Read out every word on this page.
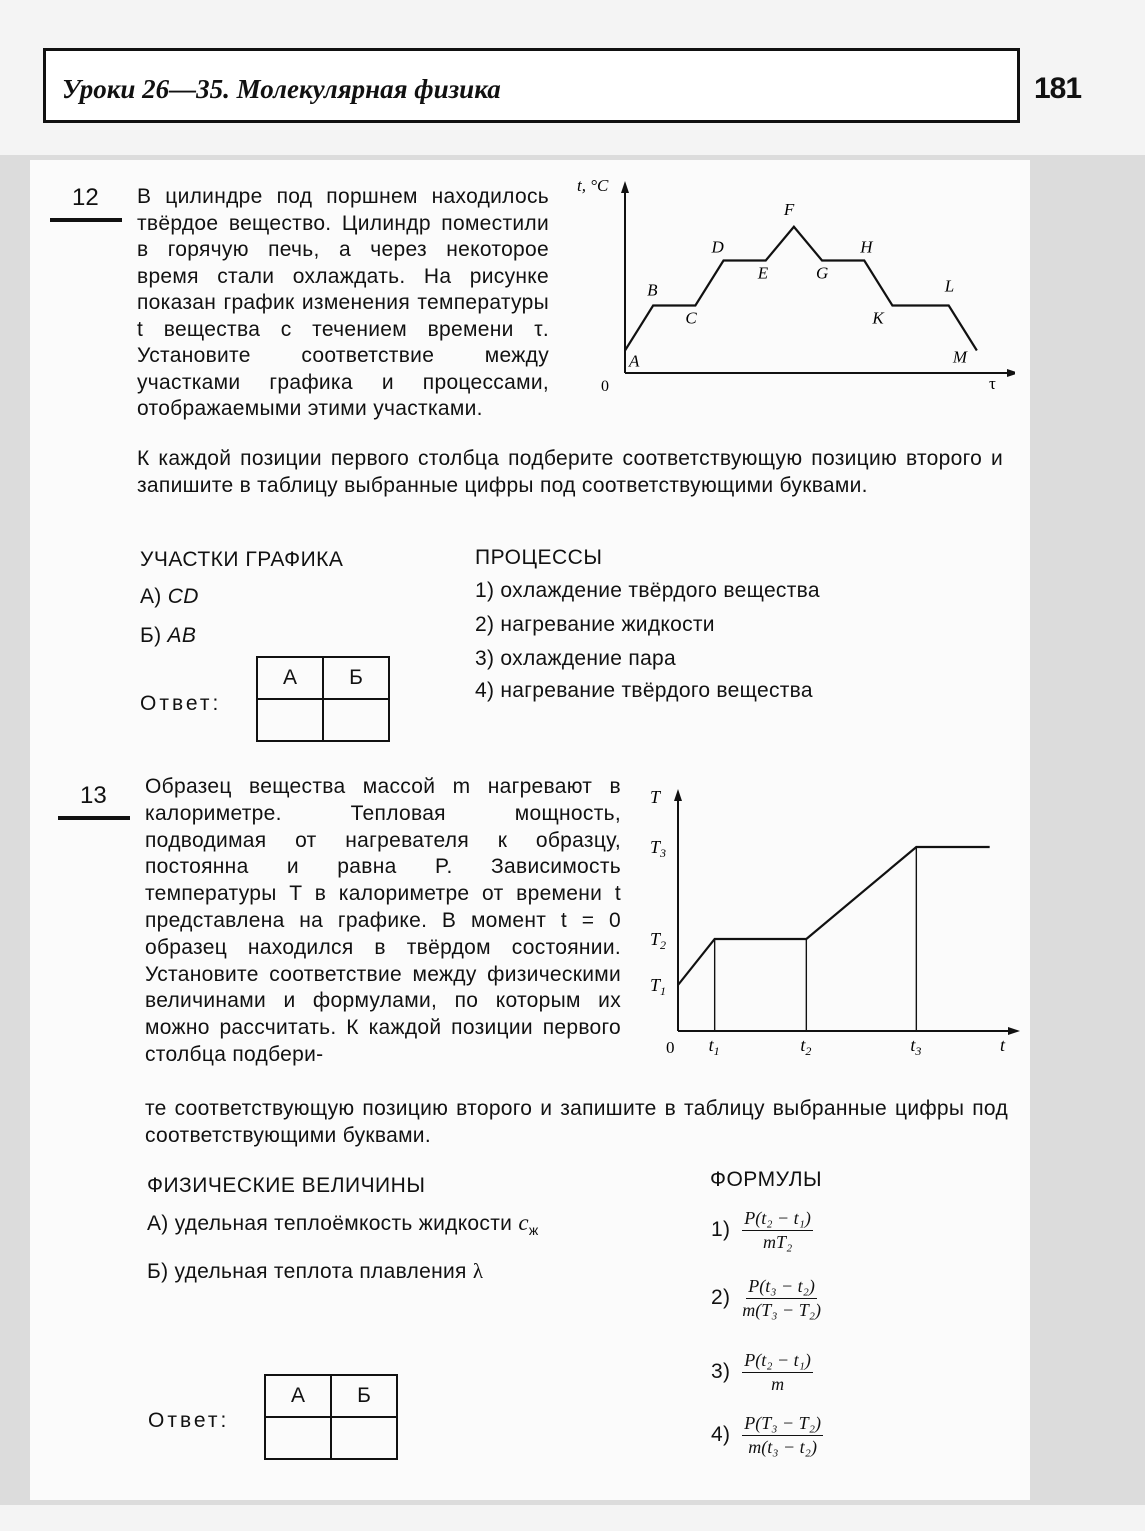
Уроки 26—35. Молекулярная физика	181
12 В цилиндре под поршнем находилось твёрдое вещество. Цилиндр поместили в горячую печь, а через некоторое время стали охлаждать. На рисунке показан график изменения температуры t вещества с течением времени τ. Установите соответствие между участками графика и процессами, отображаемыми этими участками.
К каждой позиции первого столбца подберите соответствующую позицию второго и запишите в таблицу выбранные цифры под соответствующими буквами.
t, °C
0	τ
A
B
C
D
E
F
G
H
K
L
M
УЧАСТКИ ГРАФИКА
А) CD
Б) AB
ПРОЦЕССЫ
1) охлаждение твёрдого вещества
2) нагревание жидкости
3) охлаждение пара
4) нагревание твёрдого вещества
Ответ:
А	Б

13 Образец вещества массой m нагревают в калориметре. Тепловая мощность, подводимая от нагревателя к образцу, постоянна и равна P. Зависимость температуры T в калориметре от времени t представлена на графике. В момент t = 0 образец находился в твёрдом состоянии. Установите соответствие между физическими величинами и формулами, по которым их можно рассчитать. К каждой позиции первого столбца подбери-
те соответствующую позицию второго и запишите в таблицу выбранные цифры под соответствующими буквами.
T
0	t
$t_1$	$t_2$	$t_3$
$T_1$
$T_2$
$T_3$
ФИЗИЧЕСКИЕ ВЕЛИЧИНЫ
А) удельная теплоёмкость жидкости $c_ж$
Б) удельная теплота плавления λ
ФОРМУЛЫ
$1) \frac{\text{P(t₂ − t₁)}}{\text{mT₂}}$
$2) \frac{\text{P(t₃ − t₂)}}{\text{m(T₃ − T₂)}}$
$3) \frac{\text{P(t₂ − t₁)}}{m}$
$4) \frac{\text{P(T₃ − T₂)}}{\text{m(t₃ − t₂)}}$
Ответ:
А	Б
